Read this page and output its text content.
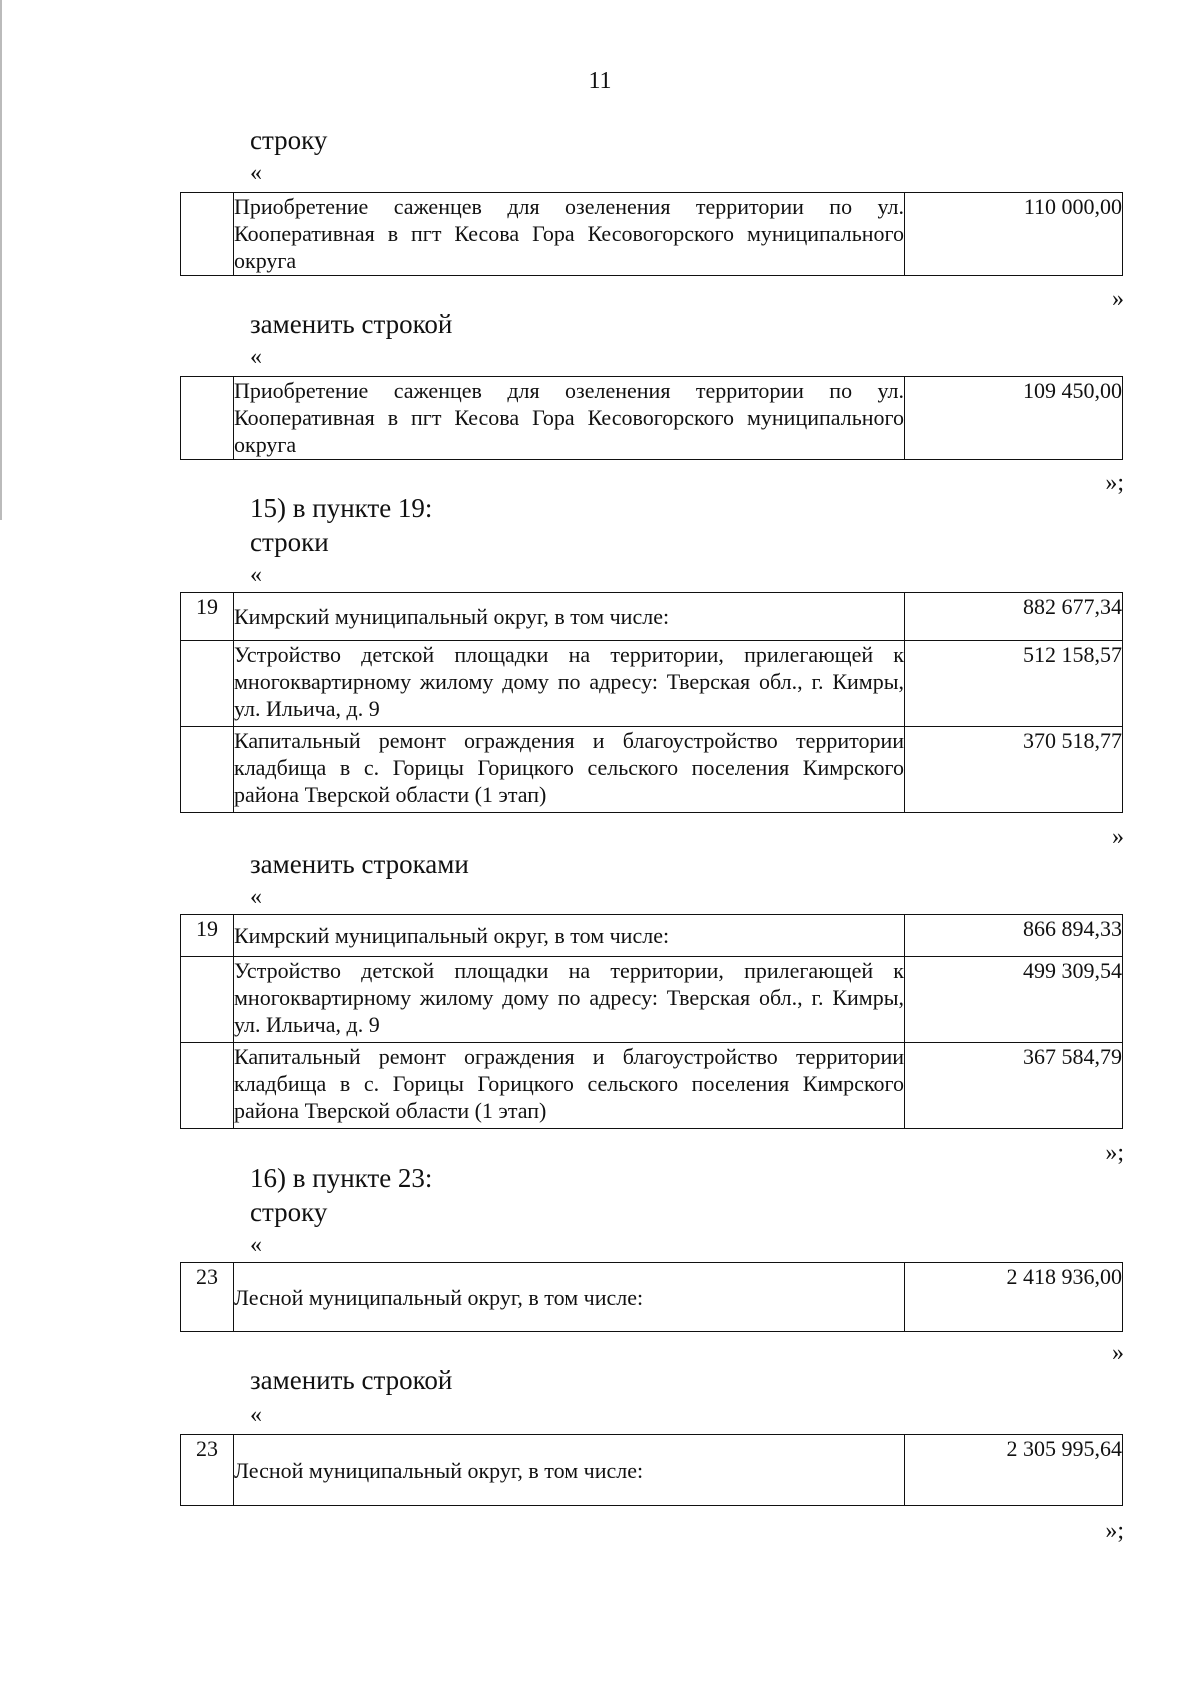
11
строку
«
	Приобретение саженцев для озеленения территории по ул. Кооперативная в пгт Кесова Гора Кесовогорского муниципального округа	110 000,00
»
заменить строкой
«
	Приобретение саженцев для озеленения территории по ул. Кооперативная в пгт Кесова Гора Кесовогорского муниципального округа	109 450,00
»;
15) в пункте 19:
строки
«
19	Кимрский муниципальный округ, в том числе:	882 677,34
	Устройство детской площадки на территории, прилегающей к многоквартирному жилому дому по адресу: Тверская обл., г. Кимры, ул. Ильича, д. 9	512 158,57
	Капитальный ремонт ограждения и благоустройство территории кладбища в с. Горицы Горицкого сельского поселения Кимрского района Тверской области (1 этап)	370 518,77
»
заменить строками
«
19	Кимрский муниципальный округ, в том числе:	866 894,33
	Устройство детской площадки на территории, прилегающей к многоквартирному жилому дому по адресу: Тверская обл., г. Кимры, ул. Ильича, д. 9	499 309,54
	Капитальный ремонт ограждения и благоустройство территории кладбища в с. Горицы Горицкого сельского поселения Кимрского района Тверской области (1 этап)	367 584,79
»;
16) в пункте 23:
строку
«
23	Лесной муниципальный округ, в том числе:	2 418 936,00
»
заменить строкой
«
23	Лесной муниципальный округ, в том числе:	2 305 995,64
»;
